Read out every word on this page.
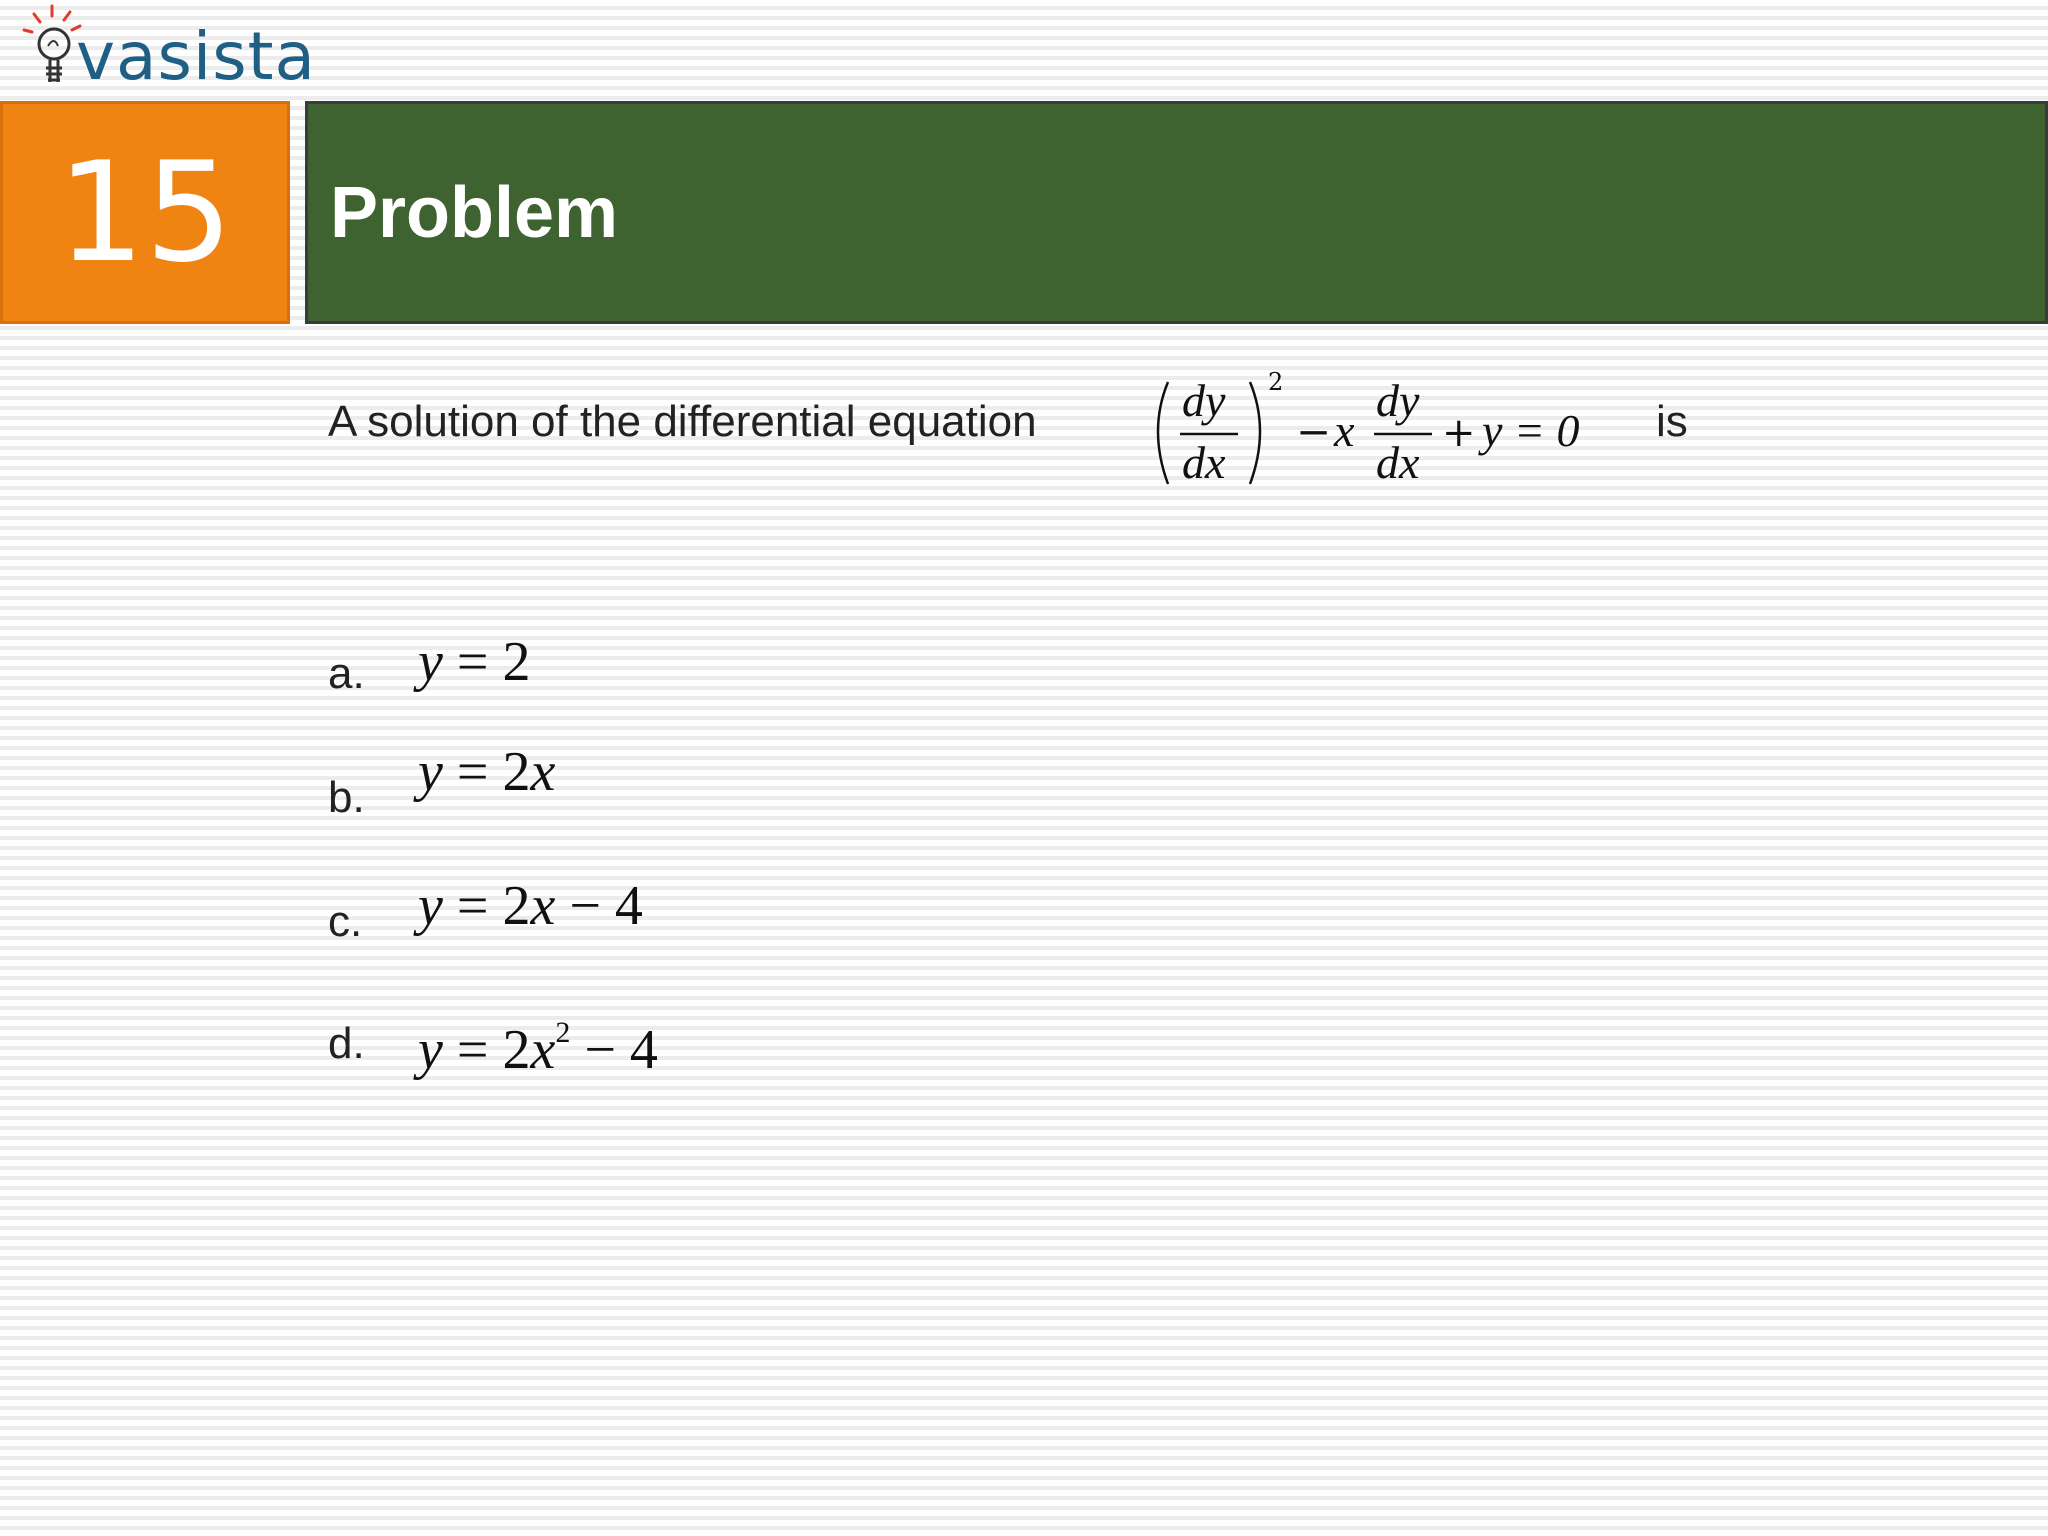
vasista
15 Problem
A solution of the differential equation	dy
dx
2
− x
dy
dx
+ y = 0 is
a. y = 2
b. y = 2x
c. y = 2x − 4
d. $y = 2x^2 - 4$
